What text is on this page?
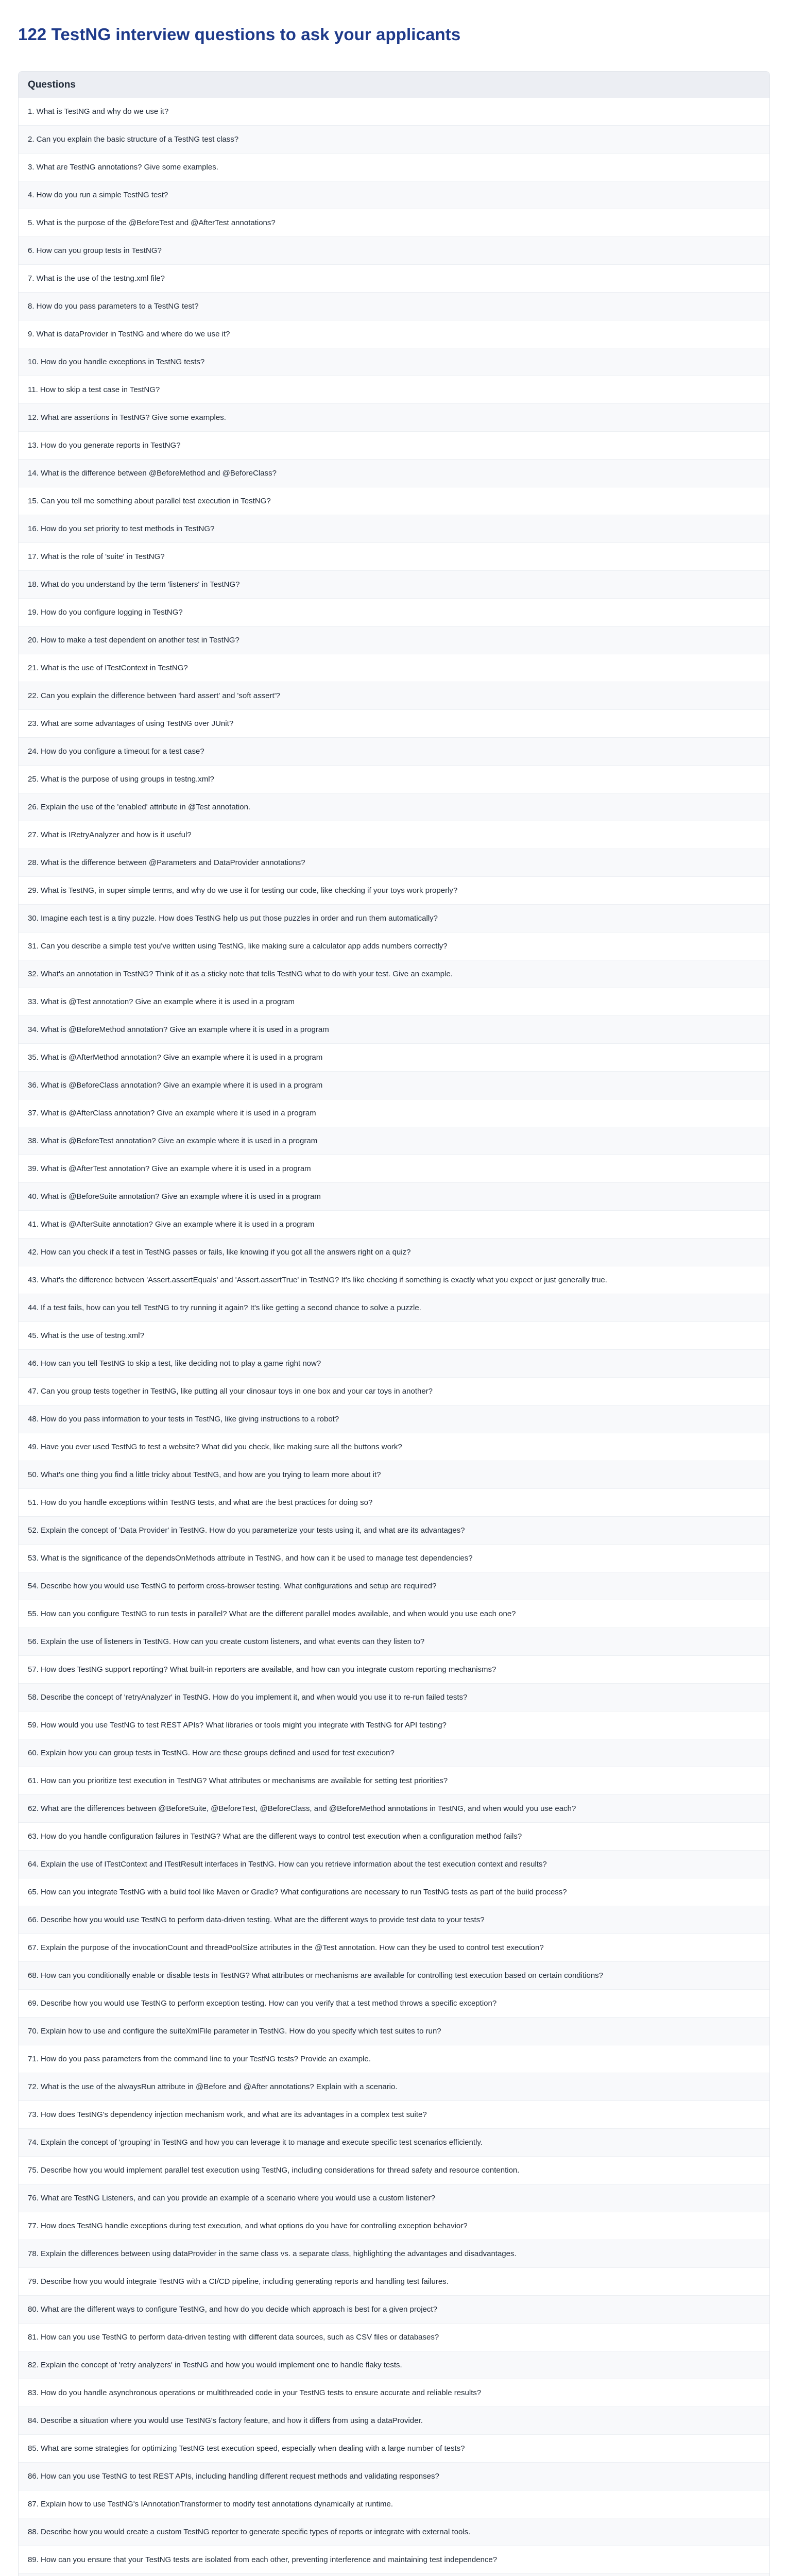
122 TestNG interview questions to ask your applicants
Questions
1. What is TestNG and why do we use it?
2. Can you explain the basic structure of a TestNG test class?
3. What are TestNG annotations? Give some examples.
4. How do you run a simple TestNG test?
5. What is the purpose of the @BeforeTest and @AfterTest annotations?
6. How can you group tests in TestNG?
7. What is the use of the testng.xml file?
8. How do you pass parameters to a TestNG test?
9. What is dataProvider in TestNG and where do we use it?
10. How do you handle exceptions in TestNG tests?
11. How to skip a test case in TestNG?
12. What are assertions in TestNG? Give some examples.
13. How do you generate reports in TestNG?
14. What is the difference between @BeforeMethod and @BeforeClass?
15. Can you tell me something about parallel test execution in TestNG?
16. How do you set priority to test methods in TestNG?
17. What is the role of 'suite' in TestNG?
18. What do you understand by the term 'listeners' in TestNG?
19. How do you configure logging in TestNG?
20. How to make a test dependent on another test in TestNG?
21. What is the use of ITestContext in TestNG?
22. Can you explain the difference between 'hard assert' and 'soft assert'?
23. What are some advantages of using TestNG over JUnit?
24. How do you configure a timeout for a test case?
25. What is the purpose of using groups in testng.xml?
26. Explain the use of the 'enabled' attribute in @Test annotation.
27. What is IRetryAnalyzer and how is it useful?
28. What is the difference between @Parameters and DataProvider annotations?
29. What is TestNG, in super simple terms, and why do we use it for testing our code, like checking if your toys work properly?
30. Imagine each test is a tiny puzzle. How does TestNG help us put those puzzles in order and run them automatically?
31. Can you describe a simple test you've written using TestNG, like making sure a calculator app adds numbers correctly?
32. What's an annotation in TestNG? Think of it as a sticky note that tells TestNG what to do with your test. Give an example.
33. What is @Test annotation? Give an example where it is used in a program
34. What is @BeforeMethod annotation? Give an example where it is used in a program
35. What is @AfterMethod annotation? Give an example where it is used in a program
36. What is @BeforeClass annotation? Give an example where it is used in a program
37. What is @AfterClass annotation? Give an example where it is used in a program
38. What is @BeforeTest annotation? Give an example where it is used in a program
39. What is @AfterTest annotation? Give an example where it is used in a program
40. What is @BeforeSuite annotation? Give an example where it is used in a program
41. What is @AfterSuite annotation? Give an example where it is used in a program
42. How can you check if a test in TestNG passes or fails, like knowing if you got all the answers right on a quiz?
43. What's the difference between 'Assert.assertEquals' and 'Assert.assertTrue' in TestNG? It's like checking if something is exactly what you expect or just generally true.
44. If a test fails, how can you tell TestNG to try running it again? It's like getting a second chance to solve a puzzle.
45. What is the use of testng.xml?
46. How can you tell TestNG to skip a test, like deciding not to play a game right now?
47. Can you group tests together in TestNG, like putting all your dinosaur toys in one box and your car toys in another?
48. How do you pass information to your tests in TestNG, like giving instructions to a robot?
49. Have you ever used TestNG to test a website? What did you check, like making sure all the buttons work?
50. What's one thing you find a little tricky about TestNG, and how are you trying to learn more about it?
51. How do you handle exceptions within TestNG tests, and what are the best practices for doing so?
52. Explain the concept of 'Data Provider' in TestNG. How do you parameterize your tests using it, and what are its advantages?
53. What is the significance of the dependsOnMethods attribute in TestNG, and how can it be used to manage test dependencies?
54. Describe how you would use TestNG to perform cross-browser testing. What configurations and setup are required?
55. How can you configure TestNG to run tests in parallel? What are the different parallel modes available, and when would you use each one?
56. Explain the use of listeners in TestNG. How can you create custom listeners, and what events can they listen to?
57. How does TestNG support reporting? What built-in reporters are available, and how can you integrate custom reporting mechanisms?
58. Describe the concept of 'retryAnalyzer' in TestNG. How do you implement it, and when would you use it to re-run failed tests?
59. How would you use TestNG to test REST APIs? What libraries or tools might you integrate with TestNG for API testing?
60. Explain how you can group tests in TestNG. How are these groups defined and used for test execution?
61. How can you prioritize test execution in TestNG? What attributes or mechanisms are available for setting test priorities?
62. What are the differences between @BeforeSuite, @BeforeTest, @BeforeClass, and @BeforeMethod annotations in TestNG, and when would you use each?
63. How do you handle configuration failures in TestNG? What are the different ways to control test execution when a configuration method fails?
64. Explain the use of ITestContext and ITestResult interfaces in TestNG. How can you retrieve information about the test execution context and results?
65. How can you integrate TestNG with a build tool like Maven or Gradle? What configurations are necessary to run TestNG tests as part of the build process?
66. Describe how you would use TestNG to perform data-driven testing. What are the different ways to provide test data to your tests?
67. Explain the purpose of the invocationCount and threadPoolSize attributes in the @Test annotation. How can they be used to control test execution?
68. How can you conditionally enable or disable tests in TestNG? What attributes or mechanisms are available for controlling test execution based on certain conditions?
69. Describe how you would use TestNG to perform exception testing. How can you verify that a test method throws a specific exception?
70. Explain how to use and configure the suiteXmlFile parameter in TestNG. How do you specify which test suites to run?
71. How do you pass parameters from the command line to your TestNG tests? Provide an example.
72. What is the use of the alwaysRun attribute in @Before and @After annotations? Explain with a scenario.
73. How does TestNG's dependency injection mechanism work, and what are its advantages in a complex test suite?
74. Explain the concept of 'grouping' in TestNG and how you can leverage it to manage and execute specific test scenarios efficiently.
75. Describe how you would implement parallel test execution using TestNG, including considerations for thread safety and resource contention.
76. What are TestNG Listeners, and can you provide an example of a scenario where you would use a custom listener?
77. How does TestNG handle exceptions during test execution, and what options do you have for controlling exception behavior?
78. Explain the differences between using dataProvider in the same class vs. a separate class, highlighting the advantages and disadvantages.
79. Describe how you would integrate TestNG with a CI/CD pipeline, including generating reports and handling test failures.
80. What are the different ways to configure TestNG, and how do you decide which approach is best for a given project?
81. How can you use TestNG to perform data-driven testing with different data sources, such as CSV files or databases?
82. Explain the concept of 'retry analyzers' in TestNG and how you would implement one to handle flaky tests.
83. How do you handle asynchronous operations or multithreaded code in your TestNG tests to ensure accurate and reliable results?
84. Describe a situation where you would use TestNG's factory feature, and how it differs from using a dataProvider.
85. What are some strategies for optimizing TestNG test execution speed, especially when dealing with a large number of tests?
86. How can you use TestNG to test REST APIs, including handling different request methods and validating responses?
87. Explain how to use TestNG's IAnnotationTransformer to modify test annotations dynamically at runtime.
88. Describe how you would create a custom TestNG reporter to generate specific types of reports or integrate with external tools.
89. How can you ensure that your TestNG tests are isolated from each other, preventing interference and maintaining test independence?
